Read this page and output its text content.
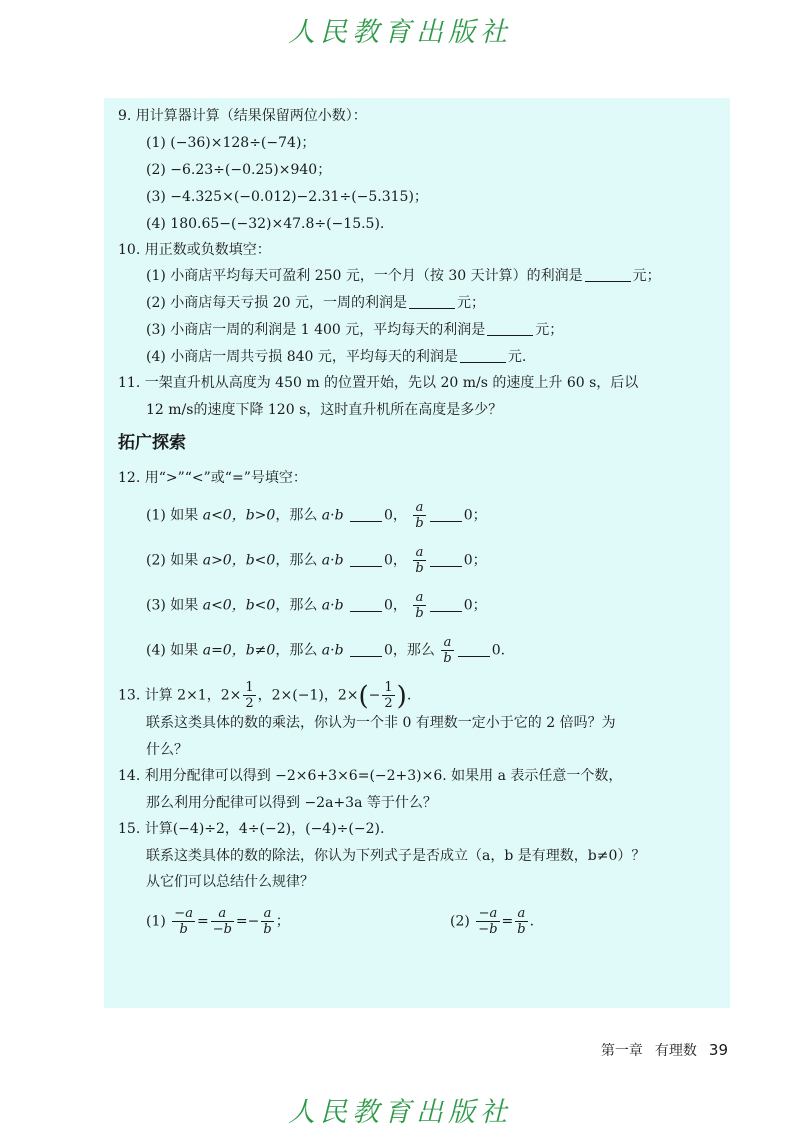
人民教育出版社
9. 用计算器计算（结果保留两位小数）：
(1) (−36)×128÷(−74)；
(2) −6.23÷(−0.25)×940；
(3) −4.325×(−0.012)−2.31÷(−5.315)；
(4) 180.65−(−32)×47.8÷(−15.5).
10. 用正数或负数填空：
(1) 小商店平均每天可盈利 250 元，一个月（按 30 天计算）的利润是	元；
(2) 小商店每天亏损 20 元，一周的利润是	元；
(3) 小商店一周的利润是 1 400 元，平均每天的利润是	元；
(4) 小商店一周共亏损 840 元，平均每天的利润是	元.
11. 一架直升机从高度为 450 m 的位置开始，先以 20 m/s 的速度上升 60 s，后以
12 m/s的速度下降 120 s，这时直升机所在高度是多少？
拓广探索
12. 用“>”“<”或“=”号填空：
(1) 如果 a<0，b>0，那么 a·b	0， $\frac{a}{b}$	0；
(2) 如果 a>0，b<0，那么 a·b	0， $\frac{a}{b}$	0；
(3) 如果 a<0，b<0，那么 a·b	0， $\frac{a}{b}$	0；
(4) 如果 a=0，b≠0，那么 a·b	0，那么 $\frac{a}{b}$	0.
13. 计算 2×1，$2\times \frac{1}{2}$ ，2×(−1)，$2\times(- \frac{1}{2}$ ).
联系这类具体的数的乘法，你认为一个非 0 有理数一定小于它的 2 倍吗？为
什么？
14. 利用分配律可以得到 −2×6+3×6=(−2+3)×6. 如果用 a 表示任意一个数，
那么利用分配律可以得到 −2a+3a 等于什么？
15. 计算(−4)÷2，4÷(−2)，(−4)÷(−2).
联系这类具体的数的除法，你认为下列式子是否成立（a，b 是有理数，b≠0）？
从它们可以总结什么规律？
$(1) \frac{-a}{b} = \frac{a}{-b} =- \frac{a}{b}$ ；	$(2) \frac{-a}{-b} = \frac{a}{b}$ .
第一章 有理数 39
人民教育出版社
